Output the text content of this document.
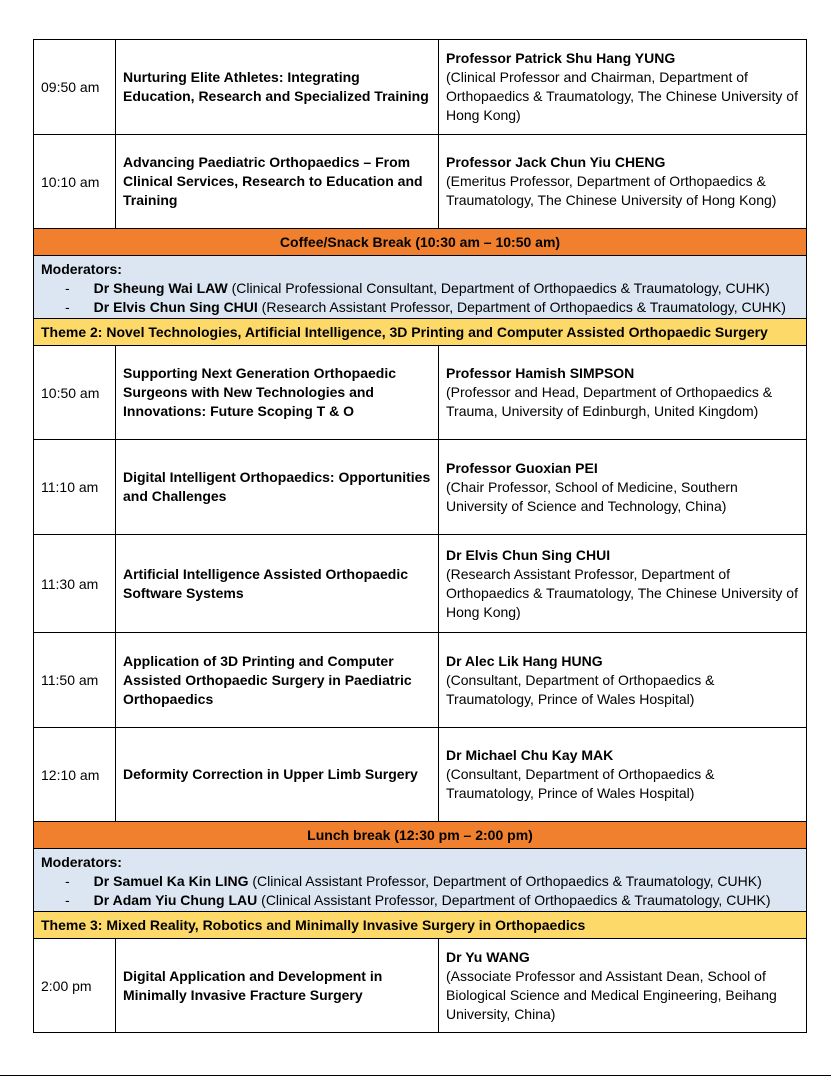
09:50 am	Nurturing Elite Athletes: Integrating Education, Research and Specialized Training	Professor Patrick Shu Hang YUNG
(Clinical Professor and Chairman, Department of Orthopaedics & Traumatology, The Chinese University of Hong Kong)

10:10 am	Advancing Paediatric Orthopaedics – From Clinical Services, Research to Education and Training	Professor Jack Chun Yiu CHENG
(Emeritus Professor, Department of Orthopaedics & Traumatology, The Chinese University of Hong Kong)

Coffee/Snack Break (10:30 am – 10:50 am)		

Moderators:
- Dr Sheung Wai LAW (Clinical Professional Consultant, Department of Orthopaedics & Traumatology, CUHK)
- Dr Elvis Chun Sing CHUI (Research Assistant Professor, Department of Orthopaedics & Traumatology, CUHK)		

Theme 2: Novel Technologies, Artificial Intelligence, 3D Printing and Computer Assisted Orthopaedic Surgery		
10:50 am	Supporting Next Generation Orthopaedic Surgeons with New Technologies and Innovations: Future Scoping T & O	Professor Hamish SIMPSON
(Professor and Head, Department of Orthopaedics & Trauma, University of Edinburgh, United Kingdom)

11:10 am	Digital Intelligent Orthopaedics: Opportunities and Challenges	Professor Guoxian PEI
(Chair Professor, School of Medicine, Southern University of Science and Technology, China)

11:30 am	Artificial Intelligence Assisted Orthopaedic Software Systems	Dr Elvis Chun Sing CHUI
(Research Assistant Professor, Department of Orthopaedics & Traumatology, The Chinese University of Hong Kong)

11:50 am	Application of 3D Printing and Computer Assisted Orthopaedic Surgery in Paediatric Orthopaedics	Dr Alec Lik Hang HUNG
(Consultant, Department of Orthopaedics & Traumatology, Prince of Wales Hospital)

12:10 am	Deformity Correction in Upper Limb Surgery	Dr Michael Chu Kay MAK
(Consultant, Department of Orthopaedics & Traumatology, Prince of Wales Hospital)

Lunch break (12:30 pm – 2:00 pm)		

Moderators:
- Dr Samuel Ka Kin LING (Clinical Assistant Professor, Department of Orthopaedics & Traumatology, CUHK)
- Dr Adam Yiu Chung LAU (Clinical Assistant Professor, Department of Orthopaedics & Traumatology, CUHK)		

Theme 3: Mixed Reality, Robotics and Minimally Invasive Surgery in Orthopaedics		
2:00 pm	Digital Application and Development in Minimally Invasive Fracture Surgery	Dr Yu WANG
(Associate Professor and Assistant Dean, School of Biological Science and Medical Engineering, Beihang University, China)
